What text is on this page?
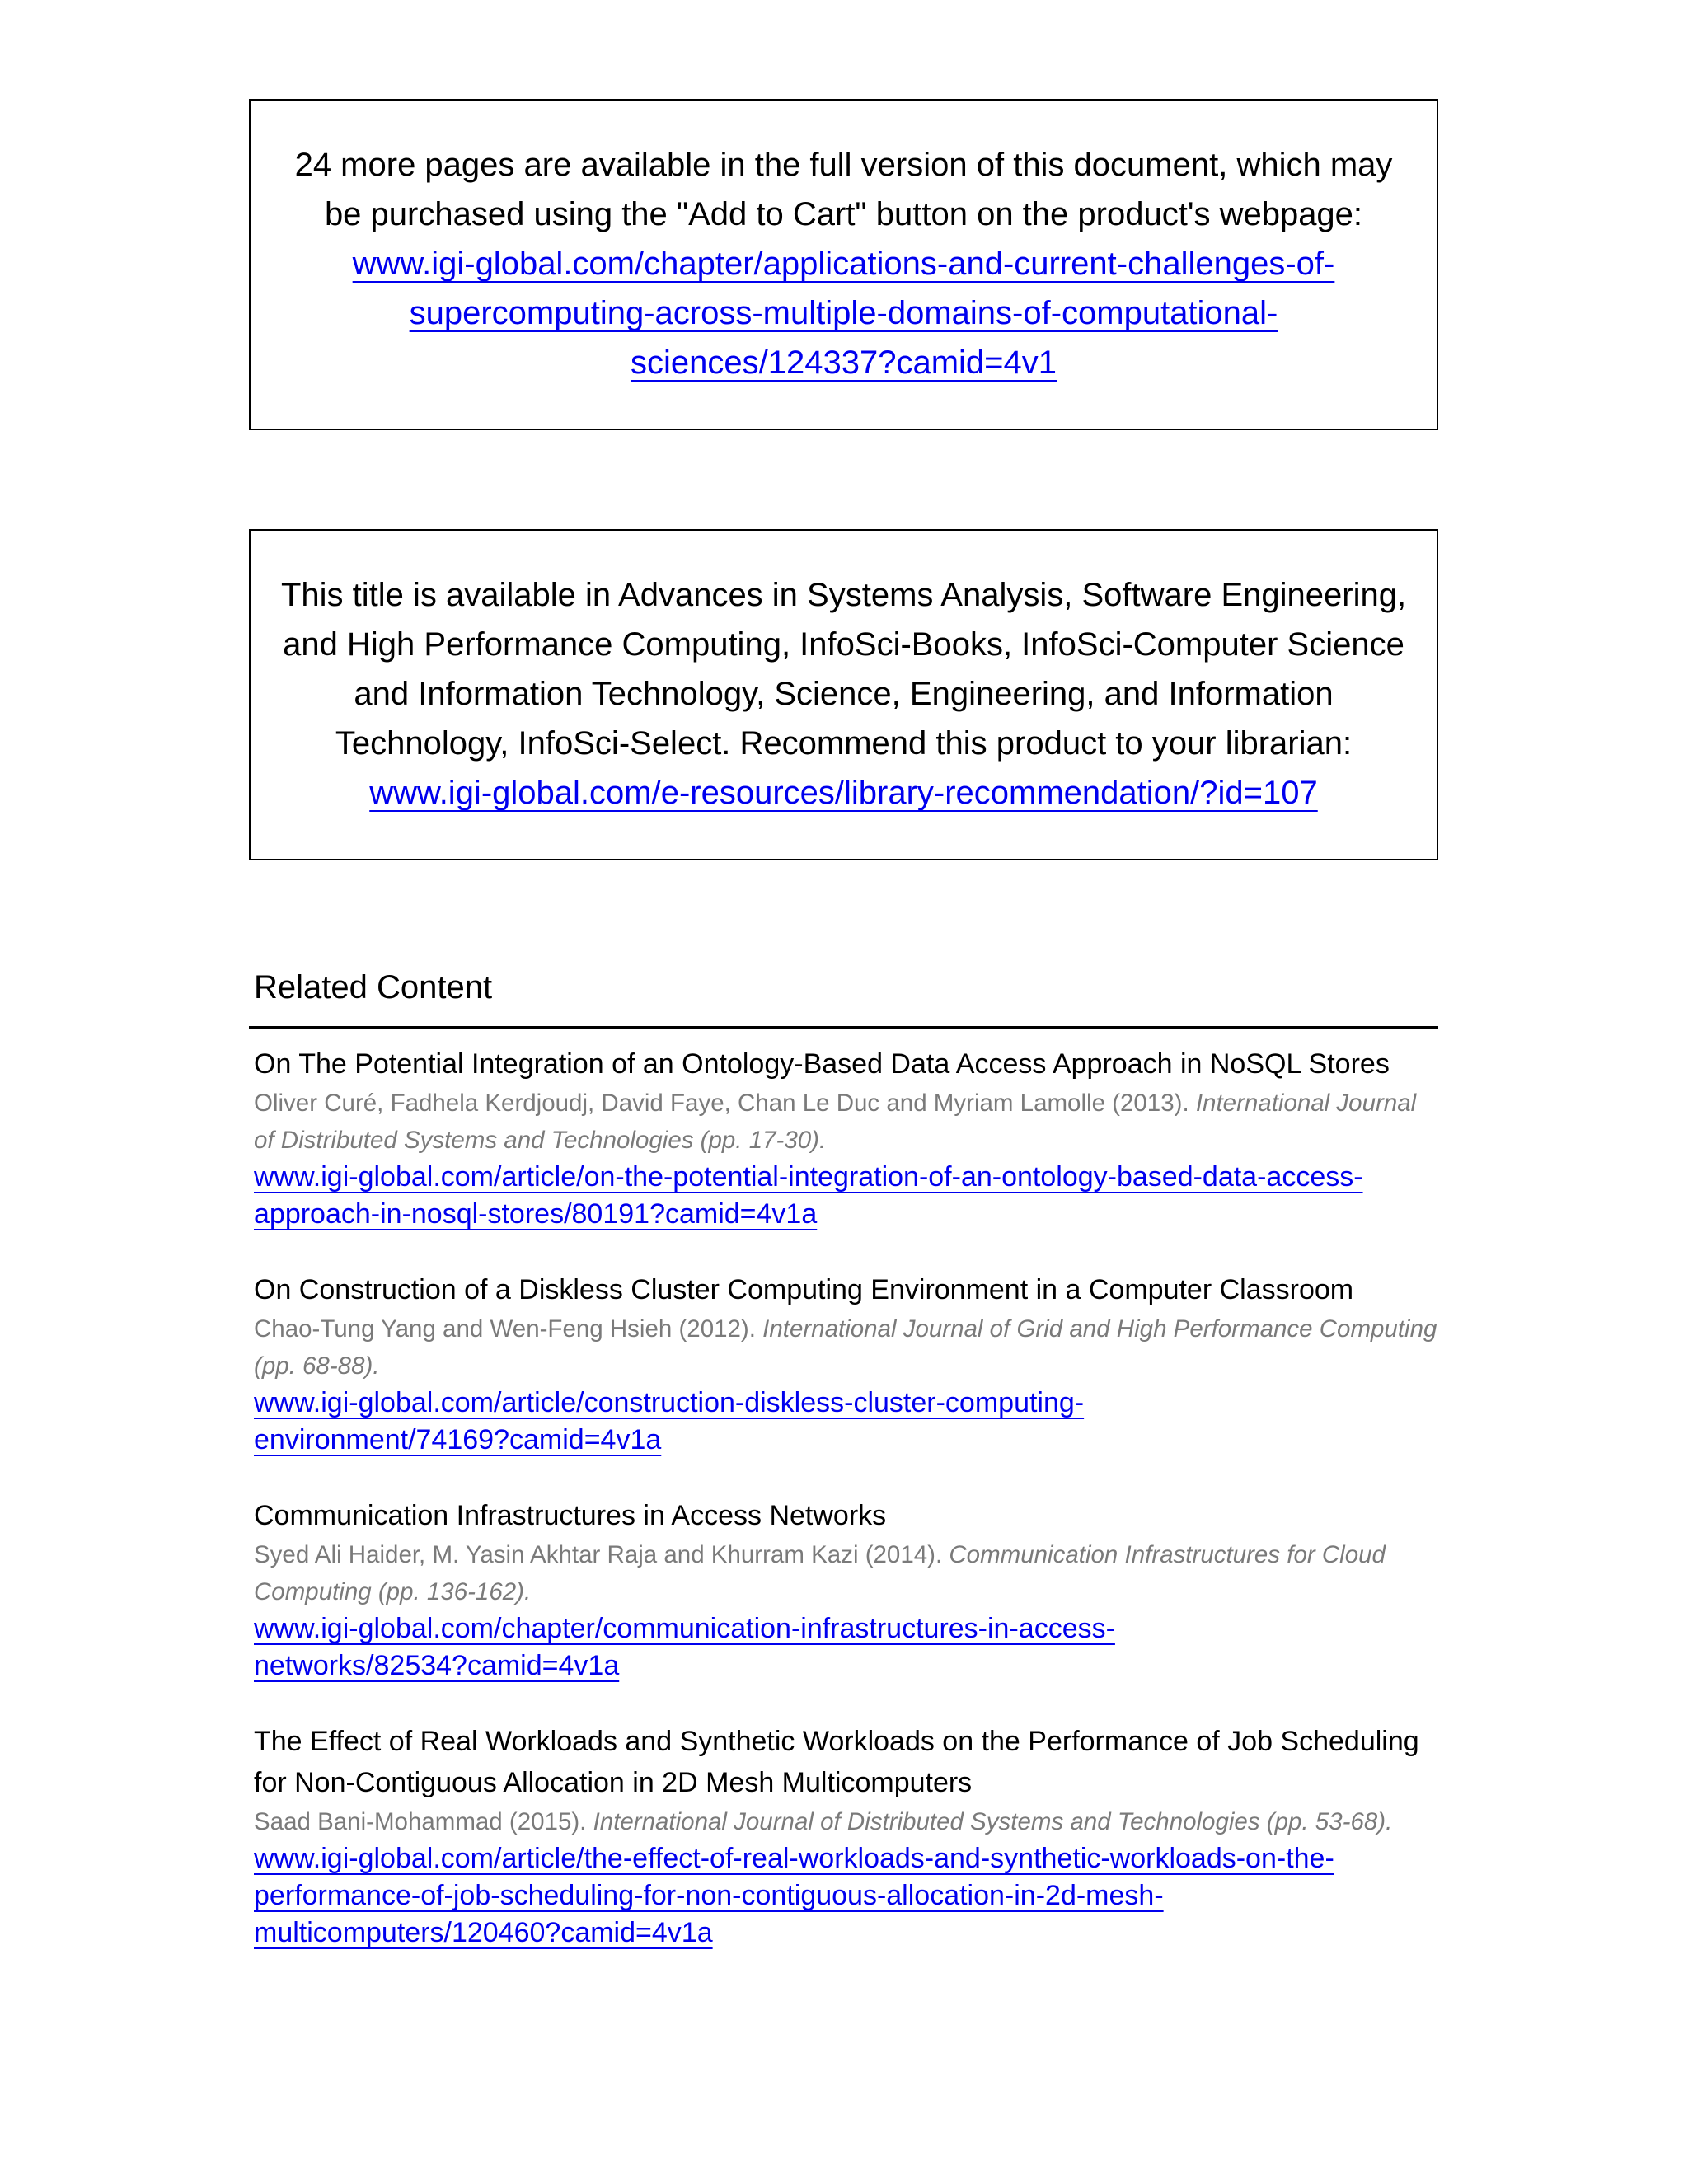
24 more pages are available in the full version of this document, which may be purchased using the "Add to Cart" button on the product's webpage:
www.igi-global.com/chapter/applications-and-current-challenges-of-
supercomputing-across-multiple-domains-of-computational-
sciences/124337?camid=4v1
This title is available in Advances in Systems Analysis, Software Engineering, and High Performance Computing, InfoSci-Books, InfoSci-Computer Science and Information Technology, Science, Engineering, and Information Technology, InfoSci-Select. Recommend this product to your librarian:
www.igi-global.com/e-resources/library-recommendation/?id=107
Related Content
On The Potential Integration of an Ontology-Based Data Access Approach in NoSQL Stores
Oliver Curé, Fadhela Kerdjoudj, David Faye, Chan Le Duc and Myriam Lamolle (2013). International Journal of Distributed Systems and Technologies (pp. 17-30).
www.igi-global.com/article/on-the-potential-integration-of-an-ontology-based-data-access-
approach-in-nosql-stores/80191?camid=4v1a
On Construction of a Diskless Cluster Computing Environment in a Computer Classroom
Chao-Tung Yang and Wen-Feng Hsieh (2012). International Journal of Grid and High Performance Computing (pp. 68-88).
www.igi-global.com/article/construction-diskless-cluster-computing-
environment/74169?camid=4v1a
Communication Infrastructures in Access Networks
Syed Ali Haider, M. Yasin Akhtar Raja and Khurram Kazi (2014). Communication Infrastructures for Cloud Computing (pp. 136-162).
www.igi-global.com/chapter/communication-infrastructures-in-access-
networks/82534?camid=4v1a
The Effect of Real Workloads and Synthetic Workloads on the Performance of Job Scheduling for Non-Contiguous Allocation in 2D Mesh Multicomputers
Saad Bani-Mohammad (2015). International Journal of Distributed Systems and Technologies (pp. 53-68).
www.igi-global.com/article/the-effect-of-real-workloads-and-synthetic-workloads-on-the-
performance-of-job-scheduling-for-non-contiguous-allocation-in-2d-mesh-
multicomputers/120460?camid=4v1a
